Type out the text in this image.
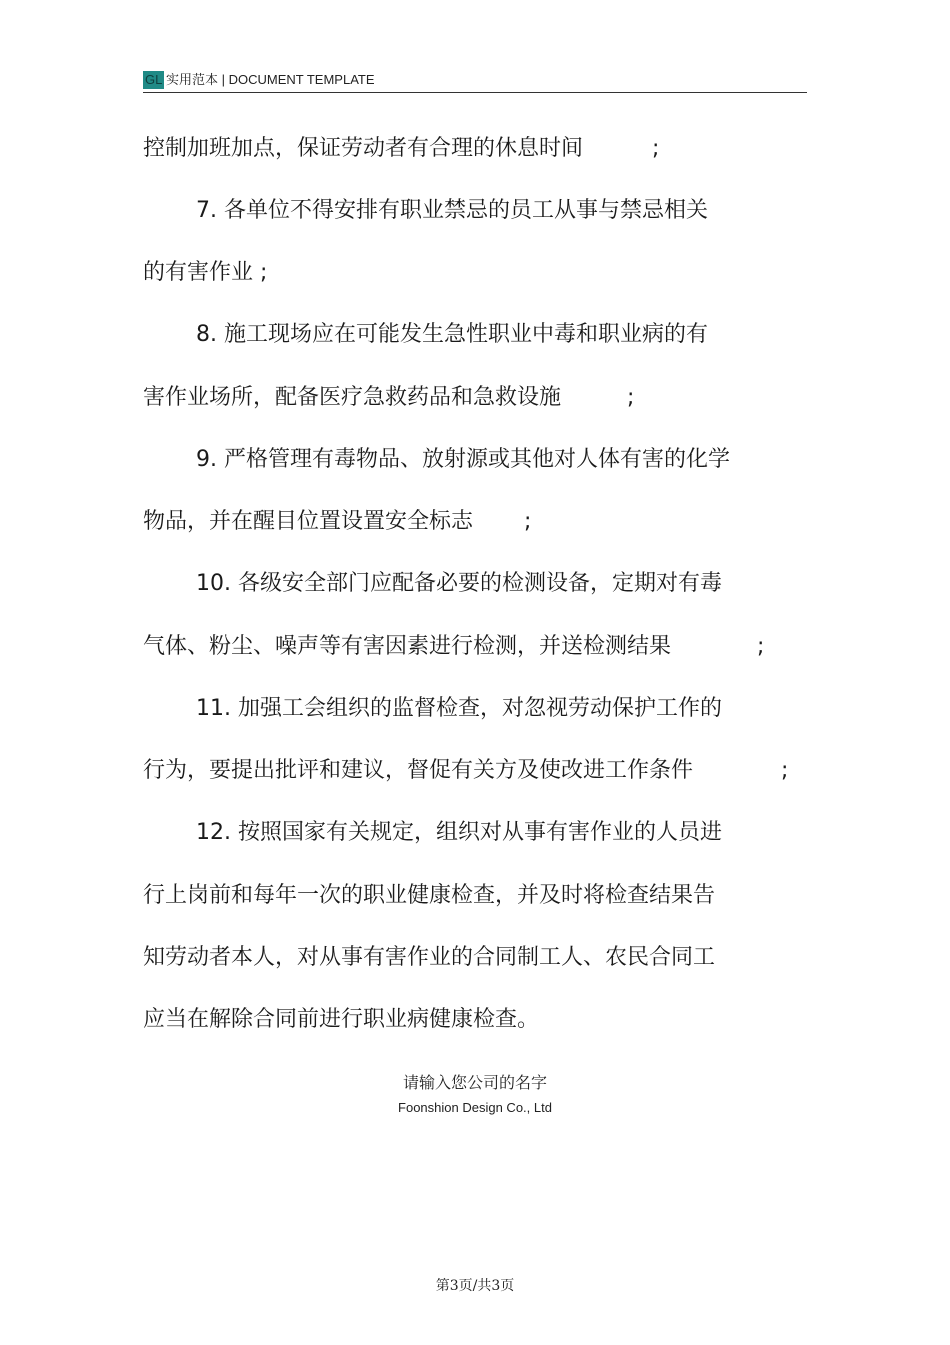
GL 实用范本 | DOCUMENT TEMPLATE
控制加班加点，保证劳动者有合理的休息时间	;
7. 各单位不得安排有职业禁忌的员工从事与禁忌相关
的有害作业 ;
8. 施工现场应在可能发生急性职业中毒和职业病的有
害作业场所，配备医疗急救药品和急救设施	;
9. 严格管理有毒物品、放射源或其他对人体有害的化学
物品，并在醒目位置设置安全标志 ;
10. 各级安全部门应配备必要的检测设备，定期对有毒
气体、粉尘、噪声等有害因素进行检测，并送检测结果	;
11. 加强工会组织的监督检查，对忽视劳动保护工作的
行为，要提出批评和建议，督促有关方及使改进工作条件	;
12. 按照国家有关规定，组织对从事有害作业的人员进
行上岗前和每年一次的职业健康检查，并及时将检查结果告
知劳动者本人，对从事有害作业的合同制工人、农民合同工
应当在解除合同前进行职业病健康检查。
请输入您公司的名字
Foonshion Design Co., Ltd
第3页/共3页
